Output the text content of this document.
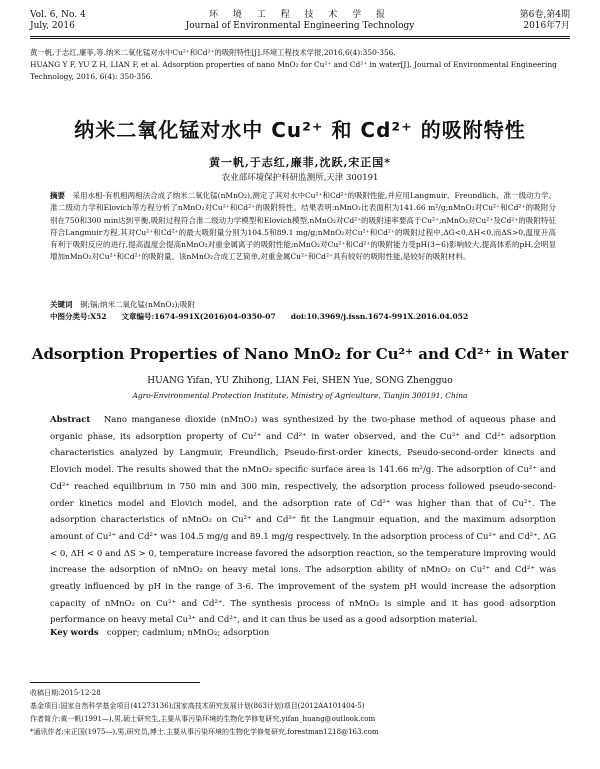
Vol. 6, No. 4
July, 2016
环 境 工 程 技 术 学 报
Journal of Environmental Engineering Technology
第6卷,第4期
2016年7月
黄一帆,于志红,廉菲,等.纳米二氧化锰对水中Cu²⁺和Cd²⁺的吸附特性[J].环境工程技术学报,2016,6(4):350-356.
HUANG Y F, YU Z H, LIAN F, et al. Adsorption properties of nano MnO₂ for Cu²⁺ and Cd²⁺ in water[J]. Journal of Environmental Engineering Technology, 2016, 6(4): 350-356.
纳米二氧化锰对水中 Cu²⁺ 和 Cd²⁺ 的吸附特性
黄一帆,于志红,廉菲,沈跃,宋正国*
农业部环境保护科研监测所,天津 300191
摘要　 采用水相-有机相两相法合成了纳米二氧化锰(nMnO₂),测定了其对水中Cu²⁺和Cd²⁺的吸附性能,并应用Langmuir、Freundlich、准一级动力学、准二级动力学和Elovich等方程分析了nMnO₂对Cu²⁺和Cd²⁺的吸附特性。结果表明:nMnO₂比表面积为141.66 m²/g;nMnO₂对Cu²⁺和Cd²⁺的吸附分别在750和300 min达到平衡,吸附过程符合准二级动力学模型和Elovich模型,nMnO₂对Cd²⁺的吸附速率要高于Cu²⁺;nMnO₂对Cu²⁺及Cd²⁺的吸附特征符合Langmuir方程,其对Cu²⁺和Cd²⁺的最大吸附量分别为104.5和89.1 mg/g;nMnO₂对Cu²⁺和Cd²⁺的吸附过程中,ΔG<0,ΔH<0,而ΔS>0,温度升高有利于吸附反应的进行,提高温度会提高nMnO₂对重金属离子的吸附性能;nMnO₂对Cu²⁺和Cd²⁺的吸附能力受pH(3~6)影响较大,提高体系的pH,会明显增加nMnO₂对Cu²⁺和Cd²⁺的吸附量。该nMnO₂合成工艺简单,对重金属Cu²⁺和Cd²⁺具有较好的吸附性能,是较好的吸附材料。
关键词　 铜;镉;纳米二氧化锰(nMnO₂);吸附
中图分类号:X52　　文章编号:1674-991X(2016)04-0350-07　　doi:10.3969/j.issn.1674-991X.2016.04.052
Adsorption Properties of Nano MnO₂ for Cu²⁺ and Cd²⁺ in Water
HUANG Yifan, YU Zhihong, LIAN Fei, SHEN Yue, SONG Zhengguo
Agro-Environmental Protection Institute, Ministry of Agriculture, Tianjin 300191, China
Abstract Nano manganese dioxide (nMnO₂) was synthesized by the two-phase method of aqueous phase and organic phase, its adsorption property of Cu²⁺ and Cd²⁺ in water observed, and the Cu²⁺ and Cd²⁺ adsorption characteristics analyzed by Langmuir, Freundlich, Pseudo-first-order kinects, Pseudo-second-order kinects and Elovich model. The results showed that the nMnO₂ specific surface area is 141.66 m²/g. The adsorption of Cu²⁺ and Cd²⁺ reached equilibrium in 750 min and 300 min, respectively, the adsorption process followed pseudo-second-order kinetics model and Elovich model, and the adsorption rate of Cd²⁺ was higher than that of Cu²⁺. The adsorption characteristics of nMnO₂ on Cu²⁺ and Cd²⁺ fit the Langmuir equation, and the maximum adsorption amount of Cu²⁺ and Cd²⁺ was 104.5 mg/g and 89.1 mg/g respectively. In the adsorption process of Cu²⁺ and Cd²⁺, ΔG < 0, ΔH < 0 and ΔS > 0, temperature increase favored the adsorption reaction, so the temperature improving would increase the adsorption of nMnO₂ on heavy metal ions. The adsorption ability of nMnO₂ on Cu²⁺ and Cd²⁺ was greatly influenced by pH in the range of 3-6. The improvement of the system pH would increase the adsorption capacity of nMnO₂ on Cu²⁺ and Cd²⁺. The synthesis process of nMnO₂ is simple and it has good adsorption performance on heavy metal Cu²⁺ and Cd²⁺, and it can thus be used as a good adsorption material.
Key words copper; cadmium; nMnO₂; adsorption
收稿日期:2015-12-28
基金项目:国家自然科学基金项目(41273136);国家高技术研究发展计划(863计划)项目(2012AA101404-5)
作者简介:黄一帆(1991—),男,硕士研究生,主要从事污染环境的生物化学修复研究,yifan_huang@outlook.com
*通讯作者:宋正国(1975—),男,研究员,博士,主要从事污染环境的生物化学修复研究,forestman1218@163.com
